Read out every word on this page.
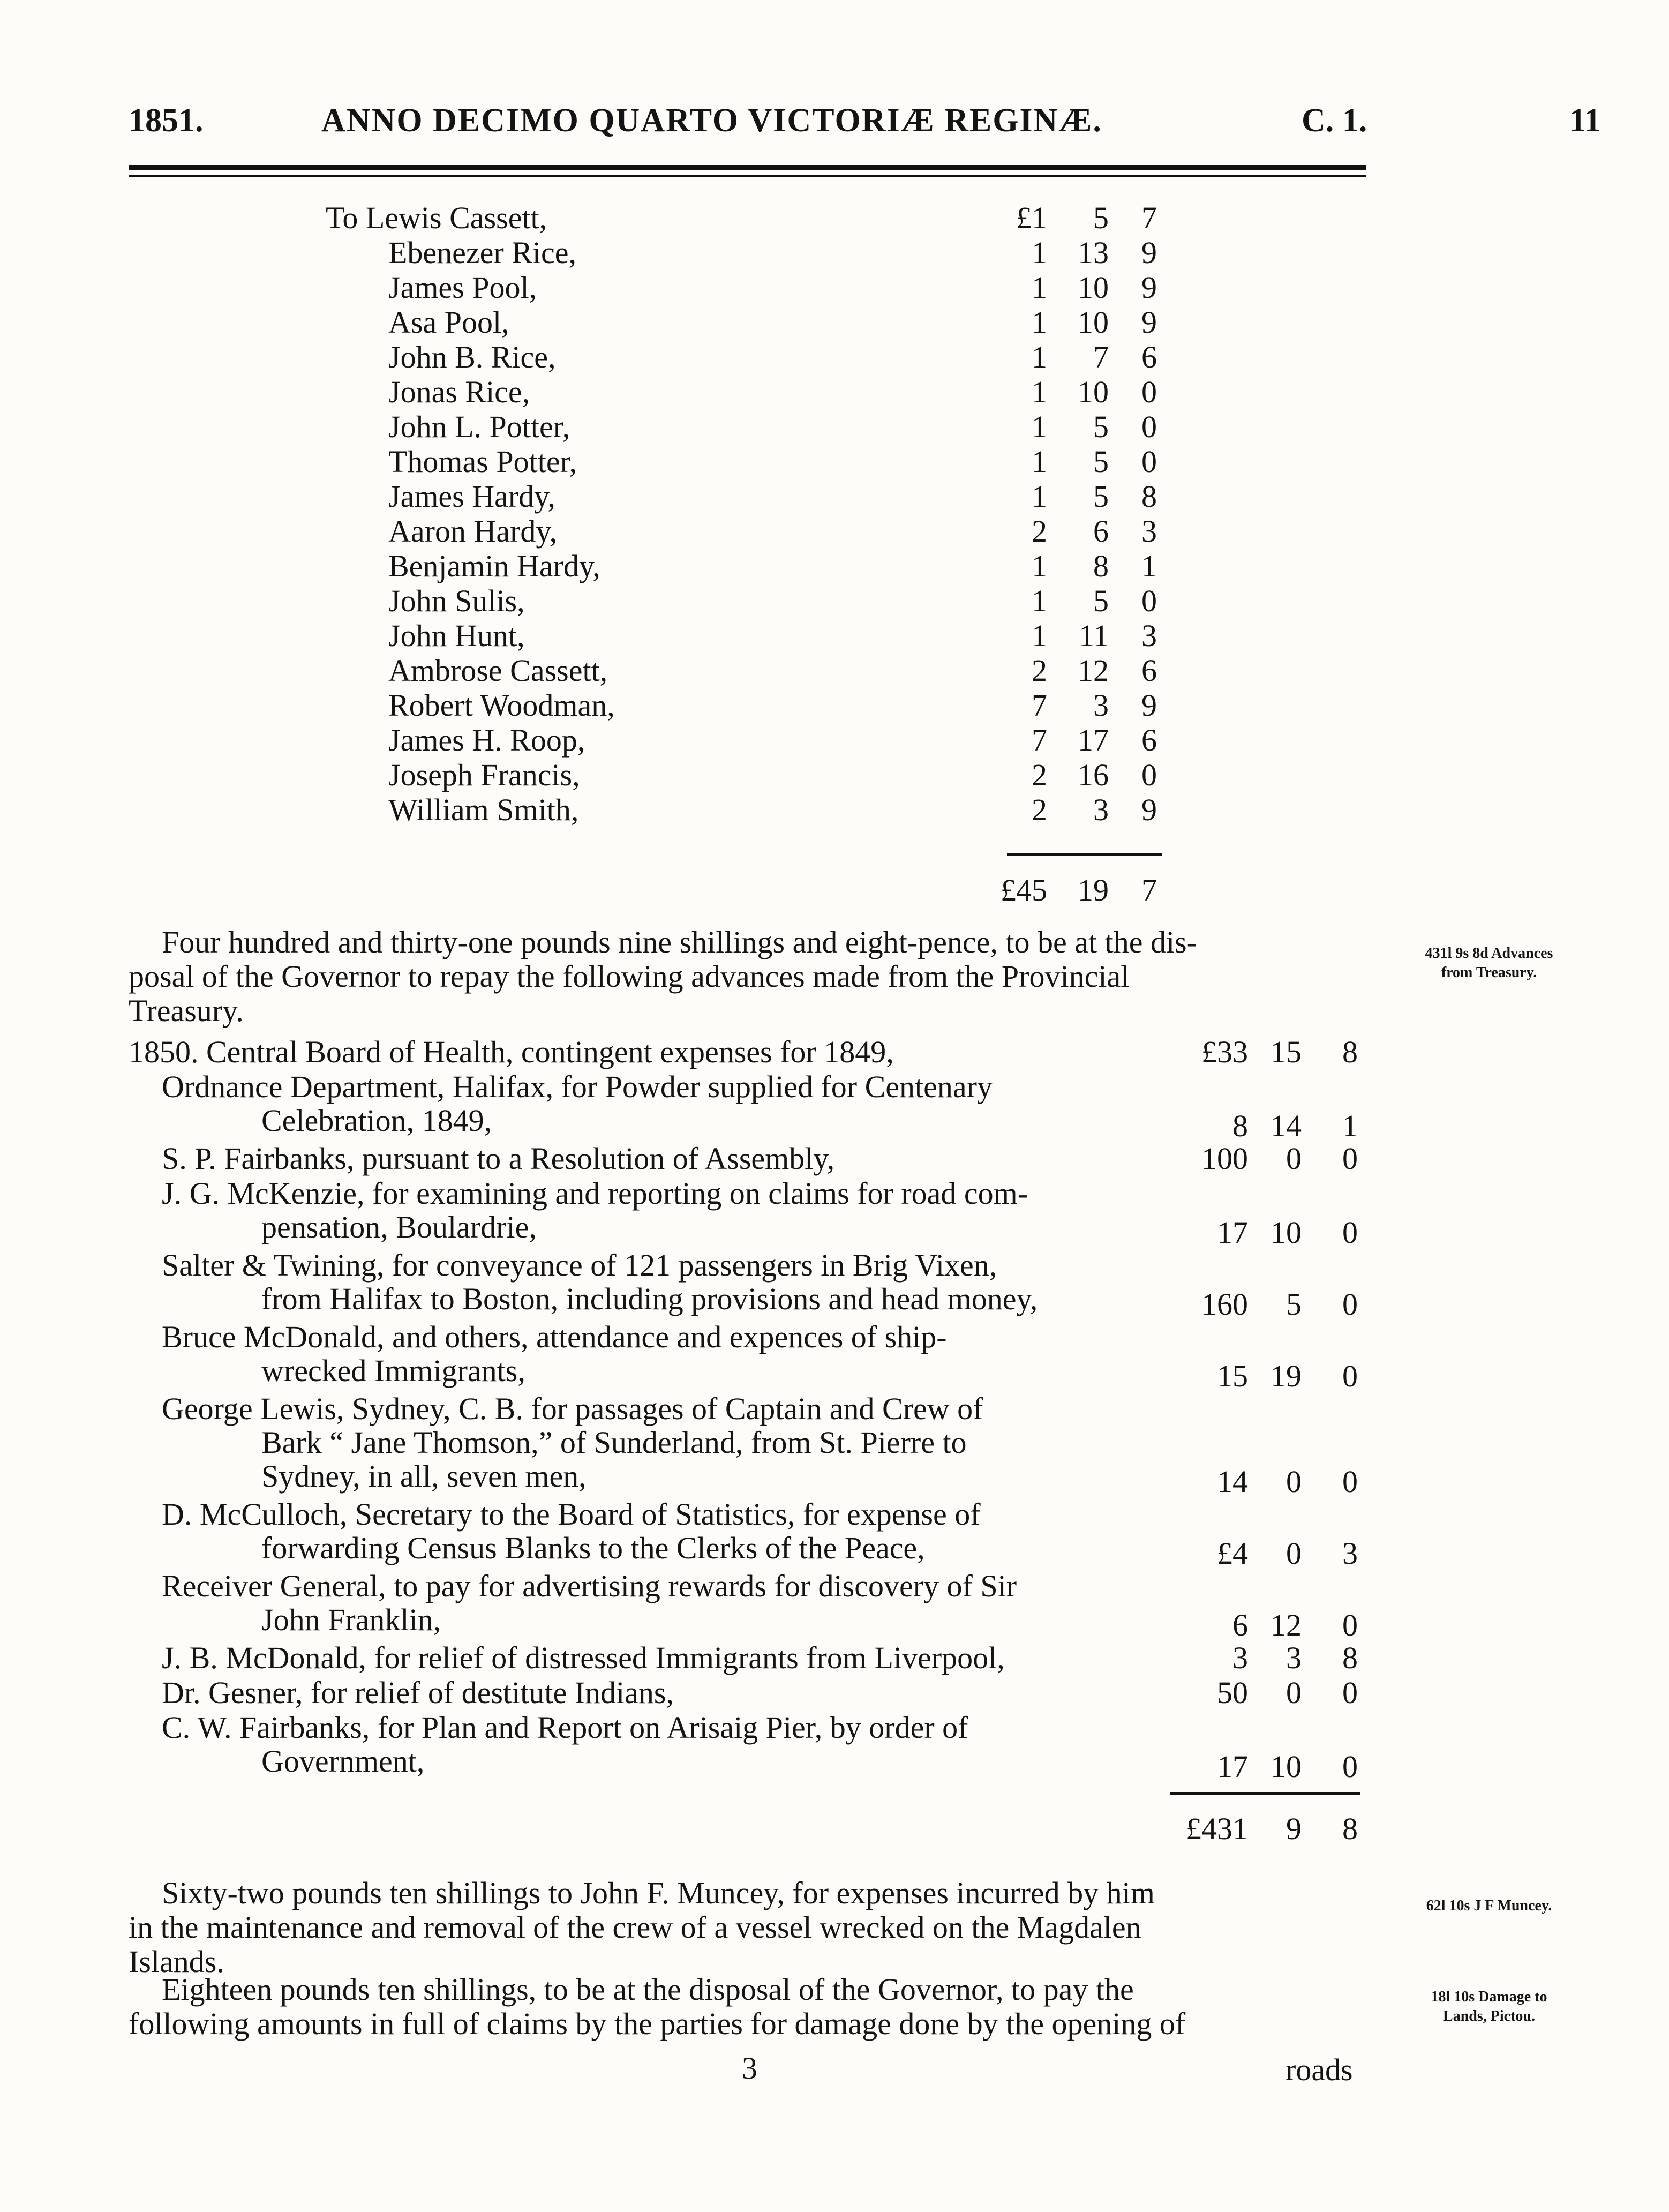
1851.	ANNO DECIMO QUARTO VICTORIÆ REGINÆ.	C. 1.	11
To Lewis Cassett,	£1	5	7
Ebenezer Rice,	1 13	9
James Pool,	1 10	9
Asa Pool,	1 10	9
John B. Rice,	1	7	6
Jonas Rice,	1 10	0
John L. Potter,	1	5	0
Thomas Potter,	1	5	0
James Hardy,	1	5	8
Aaron Hardy,	2	6	3
Benjamin Hardy,	1	8	1
John Sulis,	1	5	0
John Hunt,	1	11	3
Ambrose Cassett,	2 12	6
Robert Woodman,	7	3	9
James H. Roop,	7 17	6
Joseph Francis,	2 16	0
William Smith,	2	3	9
£45 19	7
Four hundred and thirty-one pounds nine shillings and eight-pence, to be at the dis-
posal of the Governor to repay the following advances made from the Provincial
Treasury.
431l 9s 8d Advances
from Treasury.
1850. Central Board of Health, contingent expenses for 1849,	£33 15	8
Ordnance Department, Halifax, for Powder supplied for Centenary
Celebration, 1849,	8 14	1
S. P. Fairbanks, pursuant to a Resolution of Assembly,	100	0	0
J. G. McKenzie, for examining and reporting on claims for road com-
pensation, Boulardrie,	17 10	0
Salter & Twining, for conveyance of 121 passengers in Brig Vixen,
from Halifax to Boston, including provisions and head money,	160	5	0
Bruce McDonald, and others, attendance and expences of ship-
wrecked Immigrants,	15 19	0
George Lewis, Sydney, C. B. for passages of Captain and Crew of
Bark “ Jane Thomson,” of Sunderland, from St. Pierre to
Sydney, in all, seven men,	14	0	0
D. McCulloch, Secretary to the Board of Statistics, for expense of
forwarding Census Blanks to the Clerks of the Peace,	£4	0	3
Receiver General, to pay for advertising rewards for discovery of Sir
John Franklin,	6 12	0
J. B. McDonald, for relief of distressed Immigrants from Liverpool,	3	3	8
Dr. Gesner, for relief of destitute Indians,	50	0	0
C. W. Fairbanks, for Plan and Report on Arisaig Pier, by order of
Government,	17 10	0
£431	9	8
Sixty-two pounds ten shillings to John F. Muncey, for expenses incurred by him
in the maintenance and removal of the crew of a vessel wrecked on the Magdalen
Islands.
62l 10s J F Muncey.
Eighteen pounds ten shillings, to be at the disposal of the Governor, to pay the
following amounts in full of claims by the parties for damage done by the opening of
18l 10s Damage to
Lands, Pictou.
3	roads
